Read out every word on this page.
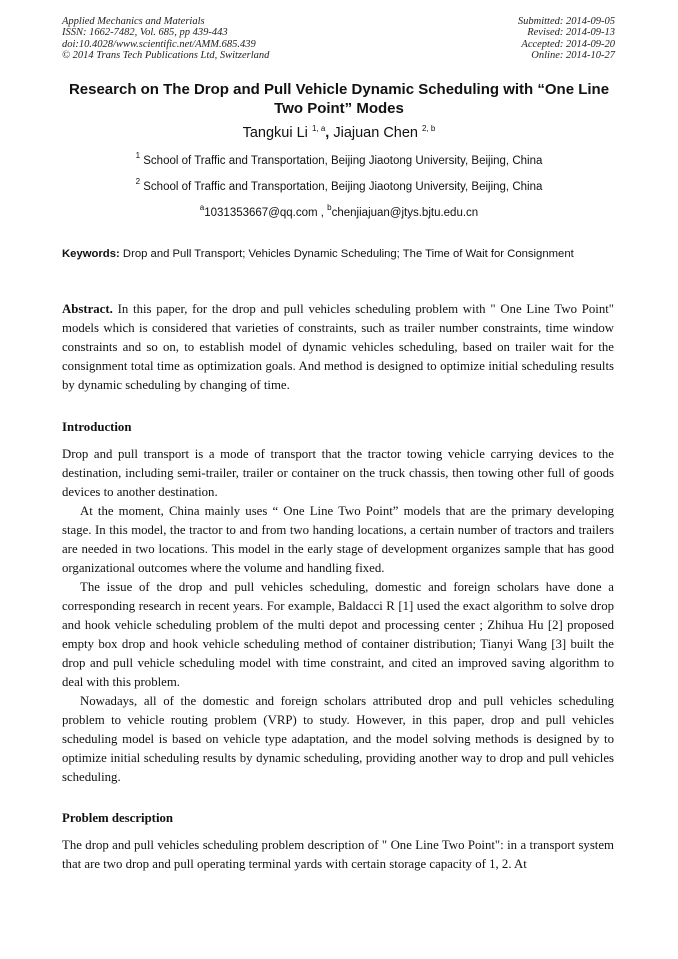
Applied Mechanics and Materials
ISSN: 1662-7482, Vol. 685, pp 439-443
doi:10.4028/www.scientific.net/AMM.685.439
© 2014 Trans Tech Publications Ltd, Switzerland
Submitted: 2014-09-05
Revised: 2014-09-13
Accepted: 2014-09-20
Online: 2014-10-27
Research on The Drop and Pull Vehicle Dynamic Scheduling with “One Line Two Point” Modes
Tangkui Li $^{1, a}$, Jiajuan Chen $^{2, b}$
$^1$ School of Traffic and Transportation, Beijing Jiaotong University, Beijing, China
$^2$ School of Traffic and Transportation, Beijing Jiaotong University, Beijing, China
$^a$1031353667@qq.com , $^b$chenjiajuan@jtys.bjtu.edu.cn
Keywords: Drop and Pull Transport; Vehicles Dynamic Scheduling; The Time of Wait for Consignment

Abstract. In this paper, for the drop and pull vehicles scheduling problem with " One Line Two Point" models which is considered that varieties of constraints, such as trailer number constraints, time window constraints and so on, to establish model of dynamic vehicles scheduling, based on trailer wait for the consignment total time as optimization goals. And method is designed to optimize initial scheduling results by dynamic scheduling by changing of time.

Introduction

Drop and pull transport is a mode of transport that the tractor towing vehicle carrying devices to the destination, including semi-trailer, trailer or container on the truck chassis, then towing other full of goods devices to another destination.

At the moment, China mainly uses “ One Line Two Point” models that are the primary developing stage. In this model, the tractor to and from two handing locations, a certain number of tractors and trailers are needed in two locations. This model in the early stage of development organizes sample that has good organizational outcomes where the volume and handling fixed.

The issue of the drop and pull vehicles scheduling, domestic and foreign scholars have done a corresponding research in recent years. For example, Baldacci R [1] used the exact algorithm to solve drop and hook vehicle scheduling problem of the multi depot and processing center ; Zhihua Hu [2] proposed empty box drop and hook vehicle scheduling method of container distribution; Tianyi Wang [3] built the drop and pull vehicle scheduling model with time constraint, and cited an improved saving algorithm to deal with this problem.

Nowadays, all of the domestic and foreign scholars attributed drop and pull vehicles scheduling problem to vehicle routing problem (VRP) to study. However, in this paper, drop and pull vehicles scheduling model is based on vehicle type adaptation, and the model solving methods is designed by to optimize initial scheduling results by dynamic scheduling, providing another way to drop and pull vehicles scheduling.

Problem description

The drop and pull vehicles scheduling problem description of " One Line Two Point": in a transport system that are two drop and pull operating terminal yards with certain storage capacity of 1, 2. At
